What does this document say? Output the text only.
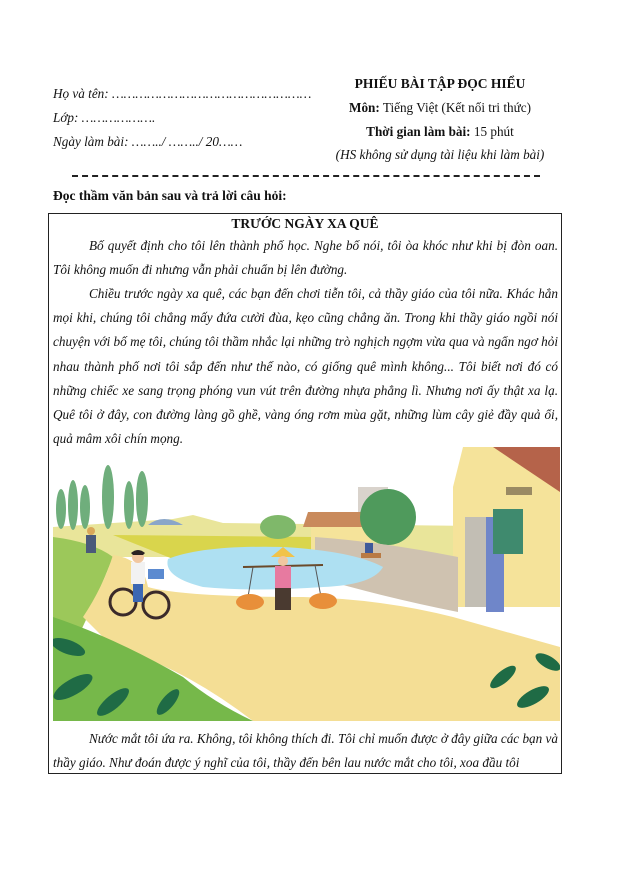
Họ và tên: ……………………………………………
Lớp: ……………….
Ngày làm bài: ……../ ……../ 20……
PHIẾU BÀI TẬP ĐỌC HIỂU
Môn: Tiếng Việt (Kết nối tri thức)
Thời gian làm bài: 15 phút
(HS không sử dụng tài liệu khi làm bài)
Đọc thầm văn bản sau và trả lời câu hỏi:
TRƯỚC NGÀY XA QUÊ
Bố quyết định cho tôi lên thành phố học. Nghe bố nói, tôi òa khóc như khi bị đòn oan. Tôi không muốn đi nhưng vẫn phải chuẩn bị lên đường.
Chiều trước ngày xa quê, các bạn đến chơi tiễn tôi, cả thầy giáo của tôi nữa. Khác hẳn mọi khi, chúng tôi chẳng mấy đứa cười đùa, kẹo cũng chẳng ăn. Trong khi thầy giáo ngồi nói chuyện với bố mẹ tôi, chúng tôi thầm nhắc lại những trò nghịch ngợm vừa qua và ngẩn ngơ hỏi nhau thành phố nơi tôi sắp đến như thế nào, có giống quê mình không... Tôi biết nơi đó có những chiếc xe sang trọng phóng vun vút trên đường nhựa phẳng lì. Nhưng nơi ấy thật xa lạ. Quê tôi ở đây, con đường làng gồ ghề, vàng óng rơm mùa gặt, những lùm cây giẻ đầy quả ổi, quả mâm xôi chín mọng.
Nước mắt tôi ứa ra. Không, tôi không thích đi. Tôi chỉ muốn được ở đây giữa các bạn và thầy giáo. Như đoán được ý nghĩ của tôi, thầy đến bên lau nước mắt cho tôi, xoa đầu tôi
